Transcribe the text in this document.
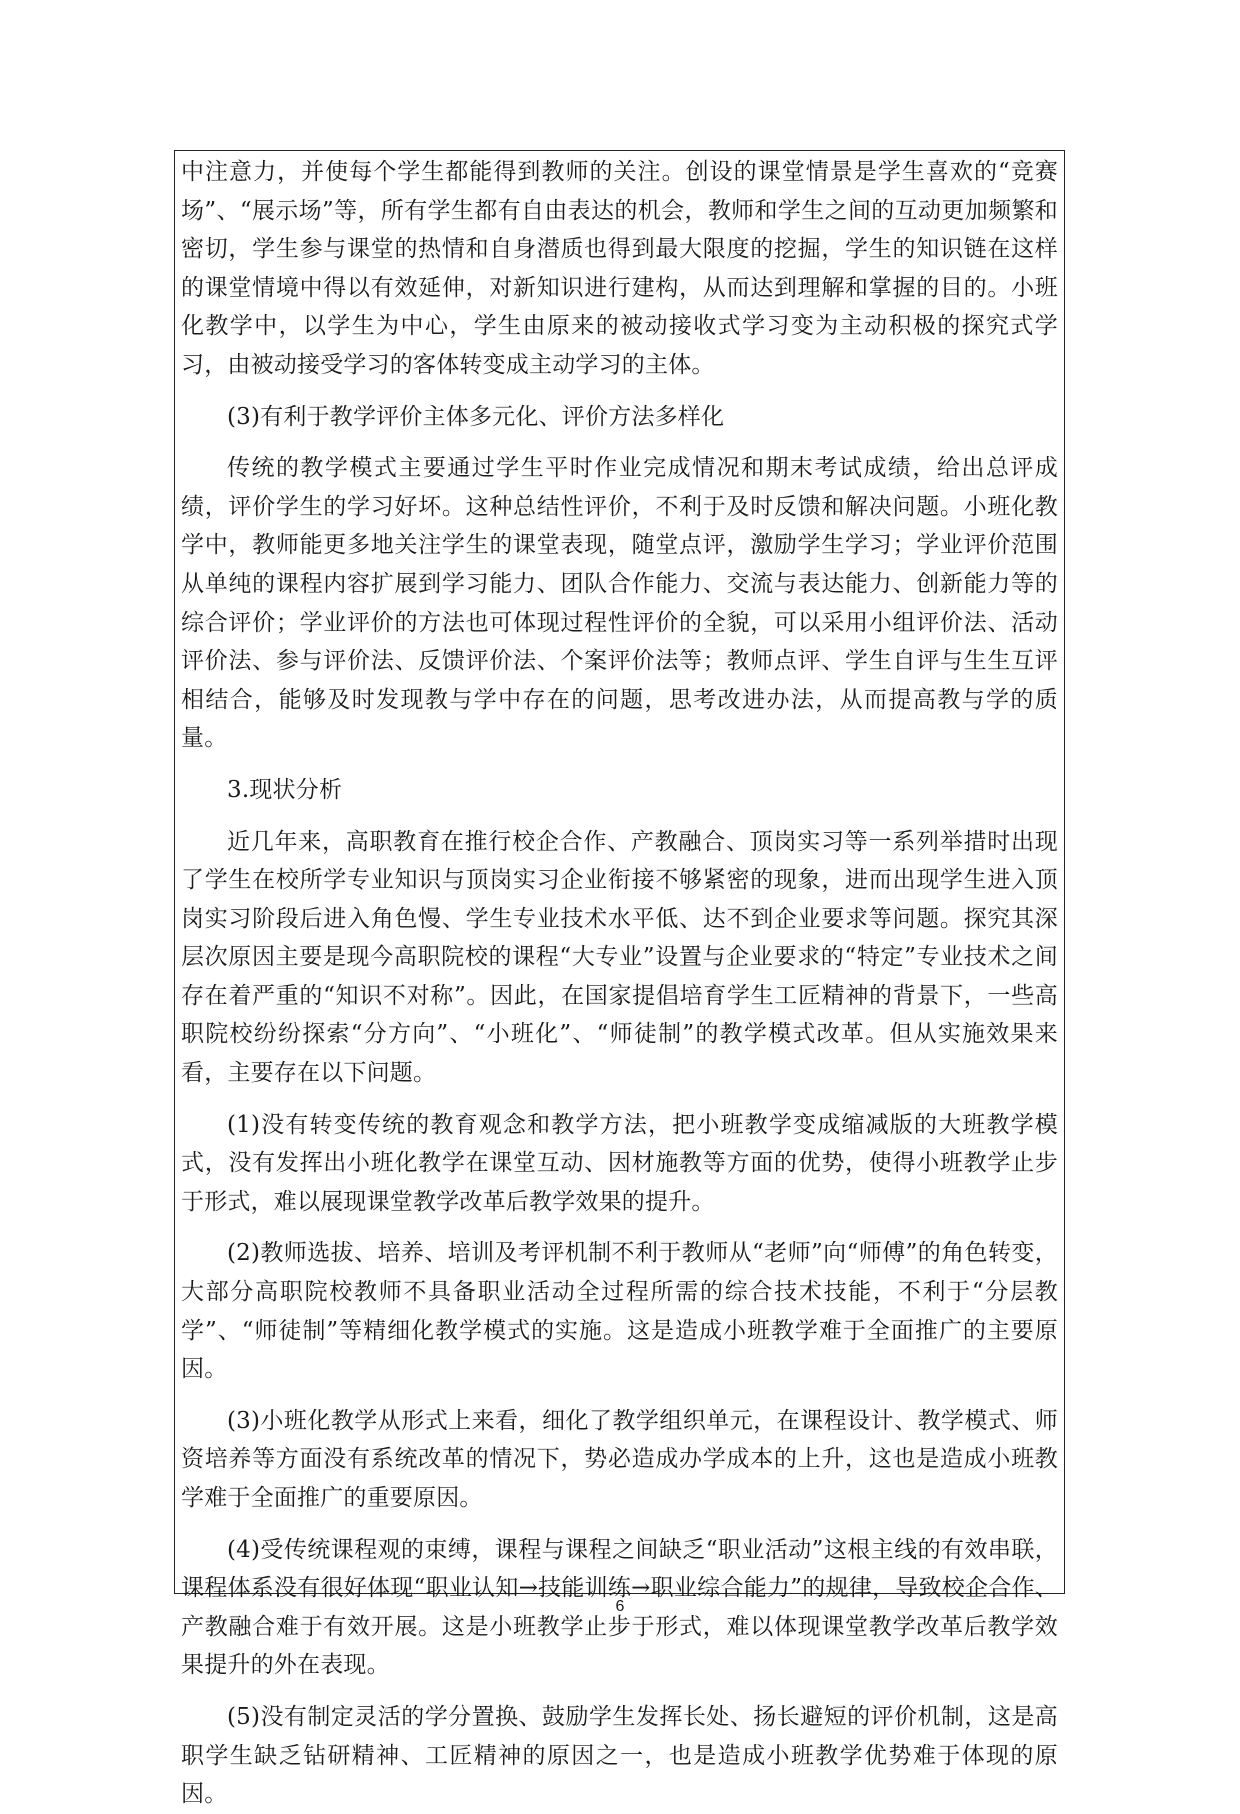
中注意力，并使每个学生都能得到教师的关注。创设的课堂情景是学生喜欢的“竞赛场”、“展示场”等，所有学生都有自由表达的机会，教师和学生之间的互动更加频繁和密切，学生参与课堂的热情和自身潜质也得到最大限度的挖掘，学生的知识链在这样的课堂情境中得以有效延伸，对新知识进行建构，从而达到理解和掌握的目的。小班化教学中，以学生为中心，学生由原来的被动接收式学习变为主动积极的探究式学习，由被动接受学习的客体转变成主动学习的主体。

(3)有利于教学评价主体多元化、评价方法多样化

传统的教学模式主要通过学生平时作业完成情况和期末考试成绩，给出总评成绩，评价学生的学习好坏。这种总结性评价，不利于及时反馈和解决问题。小班化教学中，教师能更多地关注学生的课堂表现，随堂点评，激励学生学习；学业评价范围从单纯的课程内容扩展到学习能力、团队合作能力、交流与表达能力、创新能力等的综合评价；学业评价的方法也可体现过程性评价的全貌，可以采用小组评价法、活动评价法、参与评价法、反馈评价法、个案评价法等；教师点评、学生自评与生生互评相结合，能够及时发现教与学中存在的问题，思考改进办法，从而提高教与学的质量。

3.现状分析

近几年来，高职教育在推行校企合作、产教融合、顶岗实习等一系列举措时出现了学生在校所学专业知识与顶岗实习企业衔接不够紧密的现象，进而出现学生进入顶岗实习阶段后进入角色慢、学生专业技术水平低、达不到企业要求等问题。探究其深层次原因主要是现今高职院校的课程“大专业”设置与企业要求的“特定”专业技术之间存在着严重的“知识不对称”。因此，在国家提倡培育学生工匠精神的背景下，一些高职院校纷纷探索“分方向”、“小班化”、“师徒制”的教学模式改革。但从实施效果来看，主要存在以下问题。

(1)没有转变传统的教育观念和教学方法，把小班教学变成缩减版的大班教学模式，没有发挥出小班化教学在课堂互动、因材施教等方面的优势，使得小班教学止步于形式，难以展现课堂教学改革后教学效果的提升。

(2)教师选拔、培养、培训及考评机制不利于教师从“老师”向“师傅”的角色转变，大部分高职院校教师不具备职业活动全过程所需的综合技术技能，不利于“分层教学”、“师徒制”等精细化教学模式的实施。这是造成小班教学难于全面推广的主要原因。

(3)小班化教学从形式上来看，细化了教学组织单元，在课程设计、教学模式、师资培养等方面没有系统改革的情况下，势必造成办学成本的上升，这也是造成小班教学难于全面推广的重要原因。

(4)受传统课程观的束缚，课程与课程之间缺乏“职业活动”这根主线的有效串联，课程体系没有很好体现“职业认知→技能训练→职业综合能力”的规律，导致校企合作、产教融合难于有效开展。这是小班教学止步于形式，难以体现课堂教学改革后教学效果提升的外在表现。

(5)没有制定灵活的学分置换、鼓励学生发挥长处、扬长避短的评价机制，这是高职学生缺乏钻研精神、工匠精神的原因之一，也是造成小班教学优势难于体现的原因。

6
